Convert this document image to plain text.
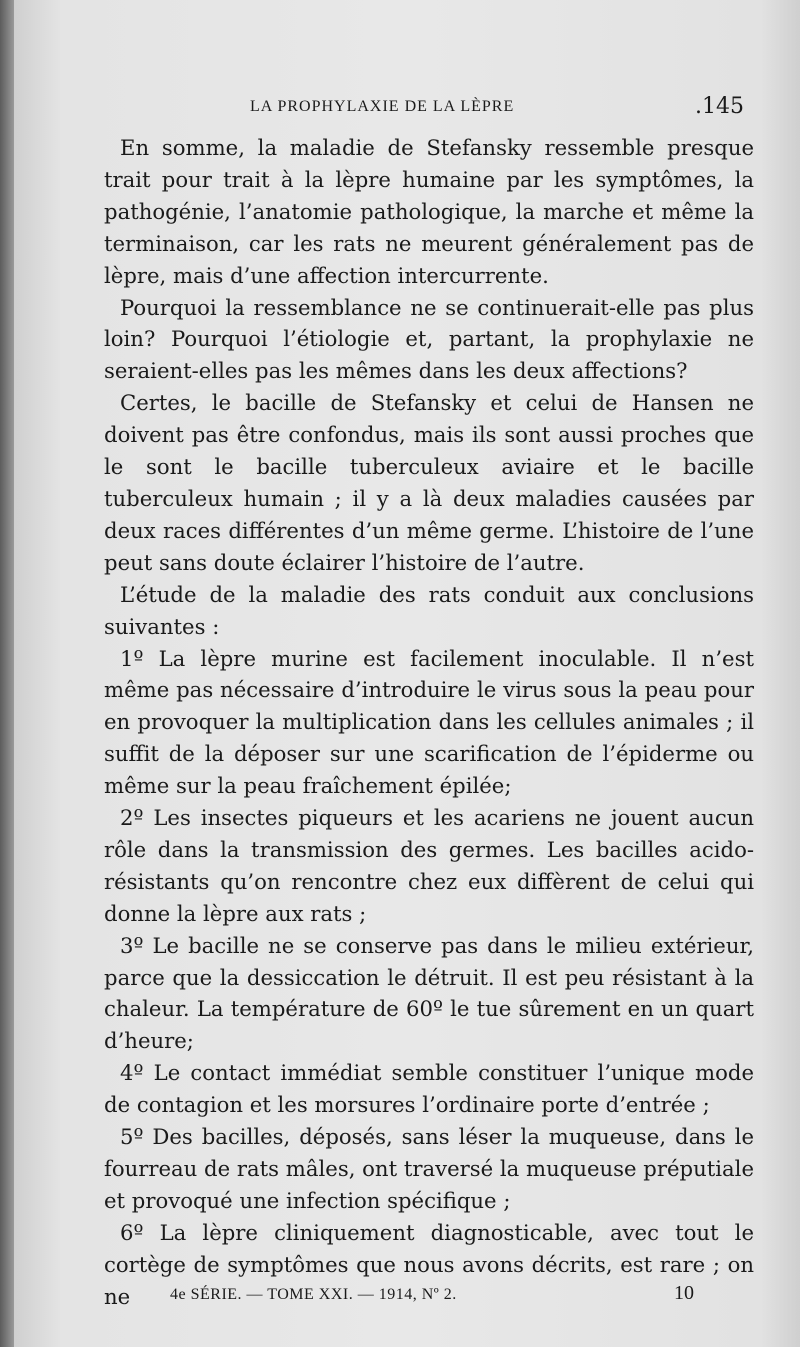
LA PROPHYLAXIE DE LA LÈPRE	.145

En somme, la maladie de Stefansky ressemble presque trait pour trait à la lèpre humaine par les symptômes, la pathogénie, l’anatomie pathologique, la marche et même la terminaison, car les rats ne meurent généralement pas de lèpre, mais d’une affection intercurrente.

Pourquoi la ressemblance ne se continuerait-elle pas plus loin? Pourquoi l’étiologie et, partant, la prophylaxie ne seraient-elles pas les mêmes dans les deux affections?

Certes, le bacille de Stefansky et celui de Hansen ne doivent pas être confondus, mais ils sont aussi proches que le sont le bacille tuberculeux aviaire et le bacille tuberculeux humain ; il y a là deux maladies causées par deux races différentes d’un même germe. L’histoire de l’une peut sans doute éclairer l’histoire de l’autre.

L’étude de la maladie des rats conduit aux conclusions suivantes :

1º La lèpre murine est facilement inoculable. Il n’est même pas nécessaire d’introduire le virus sous la peau pour en provoquer la multiplication dans les cellules animales ; il suffit de la déposer sur une scarification de l’épiderme ou même sur la peau fraîchement épilée;

2º Les insectes piqueurs et les acariens ne jouent aucun rôle dans la transmission des germes. Les bacilles acido-résistants qu’on rencontre chez eux diffèrent de celui qui donne la lèpre aux rats ;

3º Le bacille ne se conserve pas dans le milieu extérieur, parce que la dessiccation le détruit. Il est peu résistant à la chaleur. La température de 60º le tue sûrement en un quart d’heure;

4º Le contact immédiat semble constituer l’unique mode de contagion et les morsures l’ordinaire porte d’entrée ;

5º Des bacilles, déposés, sans léser la muqueuse, dans le fourreau de rats mâles, ont traversé la muqueuse préputiale et provoqué une infection spécifique ;

6º La lèpre cliniquement diagnosticable, avec tout le cortège de symptômes que nous avons décrits, est rare ; on ne	4e SÉRIE. — TOME XXI. — 1914, Nº 2.	10
